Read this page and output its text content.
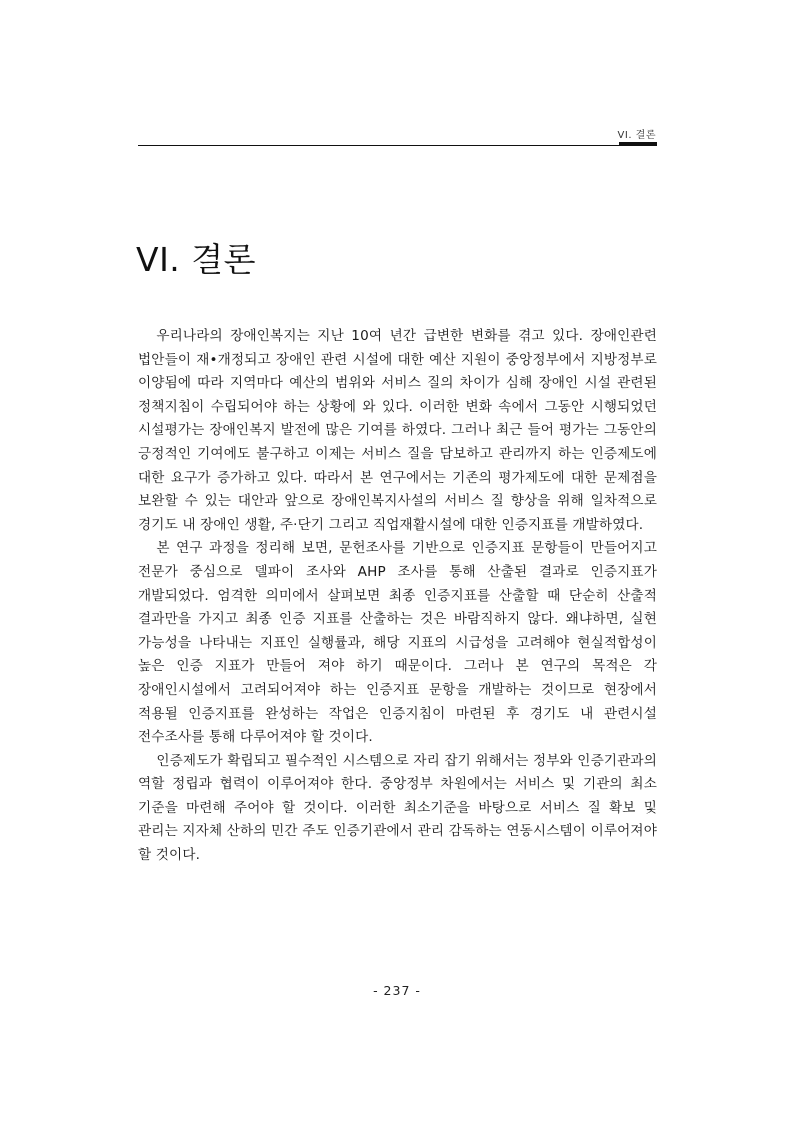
VI. 결론
VI. 결론

우리나라의 장애인복지는 지난 10여 년간 급변한 변화를 겪고 있다. 장애인관련 법안들이 재•개정되고 장애인 관련 시설에 대한 예산 지원이 중앙정부에서 지방정부로 이양됨에 따라 지역마다 예산의 범위와 서비스 질의 차이가 심해 장애인 시설 관련된 정책지침이 수립되어야 하는 상황에 와 있다. 이러한 변화 속에서 그동안 시행되었던 시설평가는 장애인복지 발전에 많은 기여를 하였다. 그러나 최근 들어 평가는 그동안의 긍정적인 기여에도 불구하고 이제는 서비스 질을 담보하고 관리까지 하는 인증제도에 대한 요구가 증가하고 있다. 따라서 본 연구에서는 기존의 평가제도에 대한 문제점을 보완할 수 있는 대안과 앞으로 장애인복지사설의 서비스 질 향상을 위해 일차적으로 경기도 내 장애인 생활, 주·단기 그리고 직업재활시설에 대한 인증지표를 개발하였다.

본 연구 과정을 정리해 보면, 문헌조사를 기반으로 인증지표 문항들이 만들어지고 전문가 중심으로 델파이 조사와 AHP 조사를 통해 산출된 결과로 인증지표가 개발되었다. 엄격한 의미에서 살펴보면 최종 인증지표를 산출할 때 단순히 산출적 결과만을 가지고 최종 인증 지표를 산출하는 것은 바람직하지 않다. 왜냐하면, 실현 가능성을 나타내는 지표인 실행률과, 해당 지표의 시급성을 고려해야 현실적합성이 높은 인증 지표가 만들어 져야 하기 때문이다. 그러나 본 연구의 목적은 각 장애인시설에서 고려되어져야 하는 인증지표 문항을 개발하는 것이므로 현장에서 적용될 인증지표를 완성하는 작업은 인증지침이 마련된 후 경기도 내 관련시설 전수조사를 통해 다루어져야 할 것이다.

인증제도가 확립되고 필수적인 시스템으로 자리 잡기 위해서는 정부와 인증기관과의 역할 정립과 협력이 이루어져야 한다. 중앙정부 차원에서는 서비스 및 기관의 최소 기준을 마련해 주어야 할 것이다. 이러한 최소기준을 바탕으로 서비스 질 확보 및 관리는 지자체 산하의 민간 주도 인증기관에서 관리 감독하는 연동시스템이 이루어져야 할 것이다.

- 237 -
